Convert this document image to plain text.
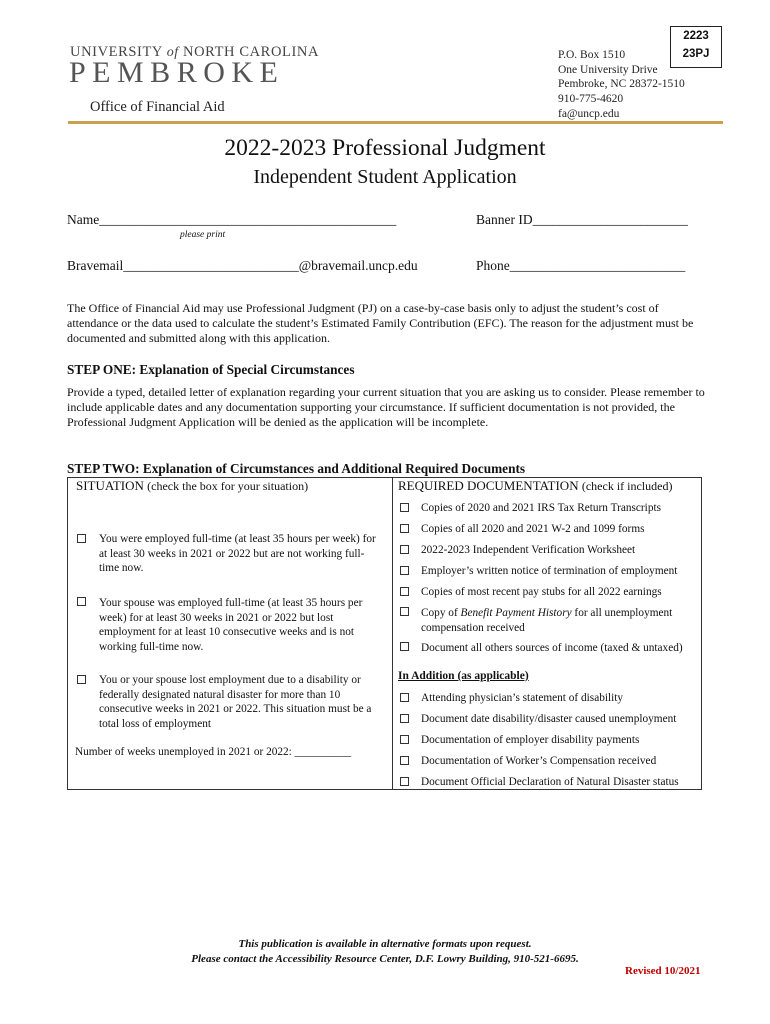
UNIVERSITY of NORTH CAROLINA
PEMBROKE
Office of Financial Aid
P.O. Box 1510
One University Drive
Pembroke, NC 28372-1510
910-775-4620
fa@uncp.edu
2223
23PJ
2022-2023 Professional Judgment
Independent Student Application
Name____________________________________________
please print
Banner ID_______________________
Bravemail__________________________@bravemail.uncp.edu	Phone__________________________
The Office of Financial Aid may use Professional Judgment (PJ) on a case-by-case basis only to adjust the student’s cost of attendance or the data used to calculate the student’s Estimated Family Contribution (EFC). The reason for the adjustment must be documented and submitted along with this application.
STEP ONE: Explanation of Special Circumstances
Provide a typed, detailed letter of explanation regarding your current situation that you are asking us to consider. Please remember to include applicable dates and any documentation supporting your circumstance. If sufficient documentation is not provided, the Professional Judgment Application will be denied as the application will be incomplete.
STEP TWO: Explanation of Circumstances and Additional Required Documents
SITUATION (check the box for your situation)	REQUIRED DOCUMENTATION (check if included)
You were employed full-time (at least 35 hours per week) for at least 30 weeks in 2021 or 2022 but are not working full-time now.
Your spouse was employed full-time (at least 35 hours per week) for at least 30 weeks in 2021 or 2022 but lost employment for at least 10 consecutive weeks and is not working full-time now.
You or your spouse lost employment due to a disability or federally designated natural disaster for more than 10 consecutive weeks in 2021 or 2022. This situation must be a total loss of employment
Number of weeks unemployed in 2021 or 2022: __________
Copies of 2020 and 2021 IRS Tax Return Transcripts
Copies of all 2020 and 2021 W-2 and 1099 forms
2022-2023 Independent Verification Worksheet
Employer’s written notice of termination of employment
Copies of most recent pay stubs for all 2022 earnings
Copy of Benefit Payment History for all unemployment compensation received
Document all others sources of income (taxed & untaxed)
In Addition (as applicable)
Attending physician’s statement of disability
Document date disability/disaster caused unemployment
Documentation of employer disability payments
Documentation of Worker’s Compensation received
Document Official Declaration of Natural Disaster status
This publication is available in alternative formats upon request.
Please contact the Accessibility Resource Center, D.F. Lowry Building, 910-521-6695.
Revised 10/2021
